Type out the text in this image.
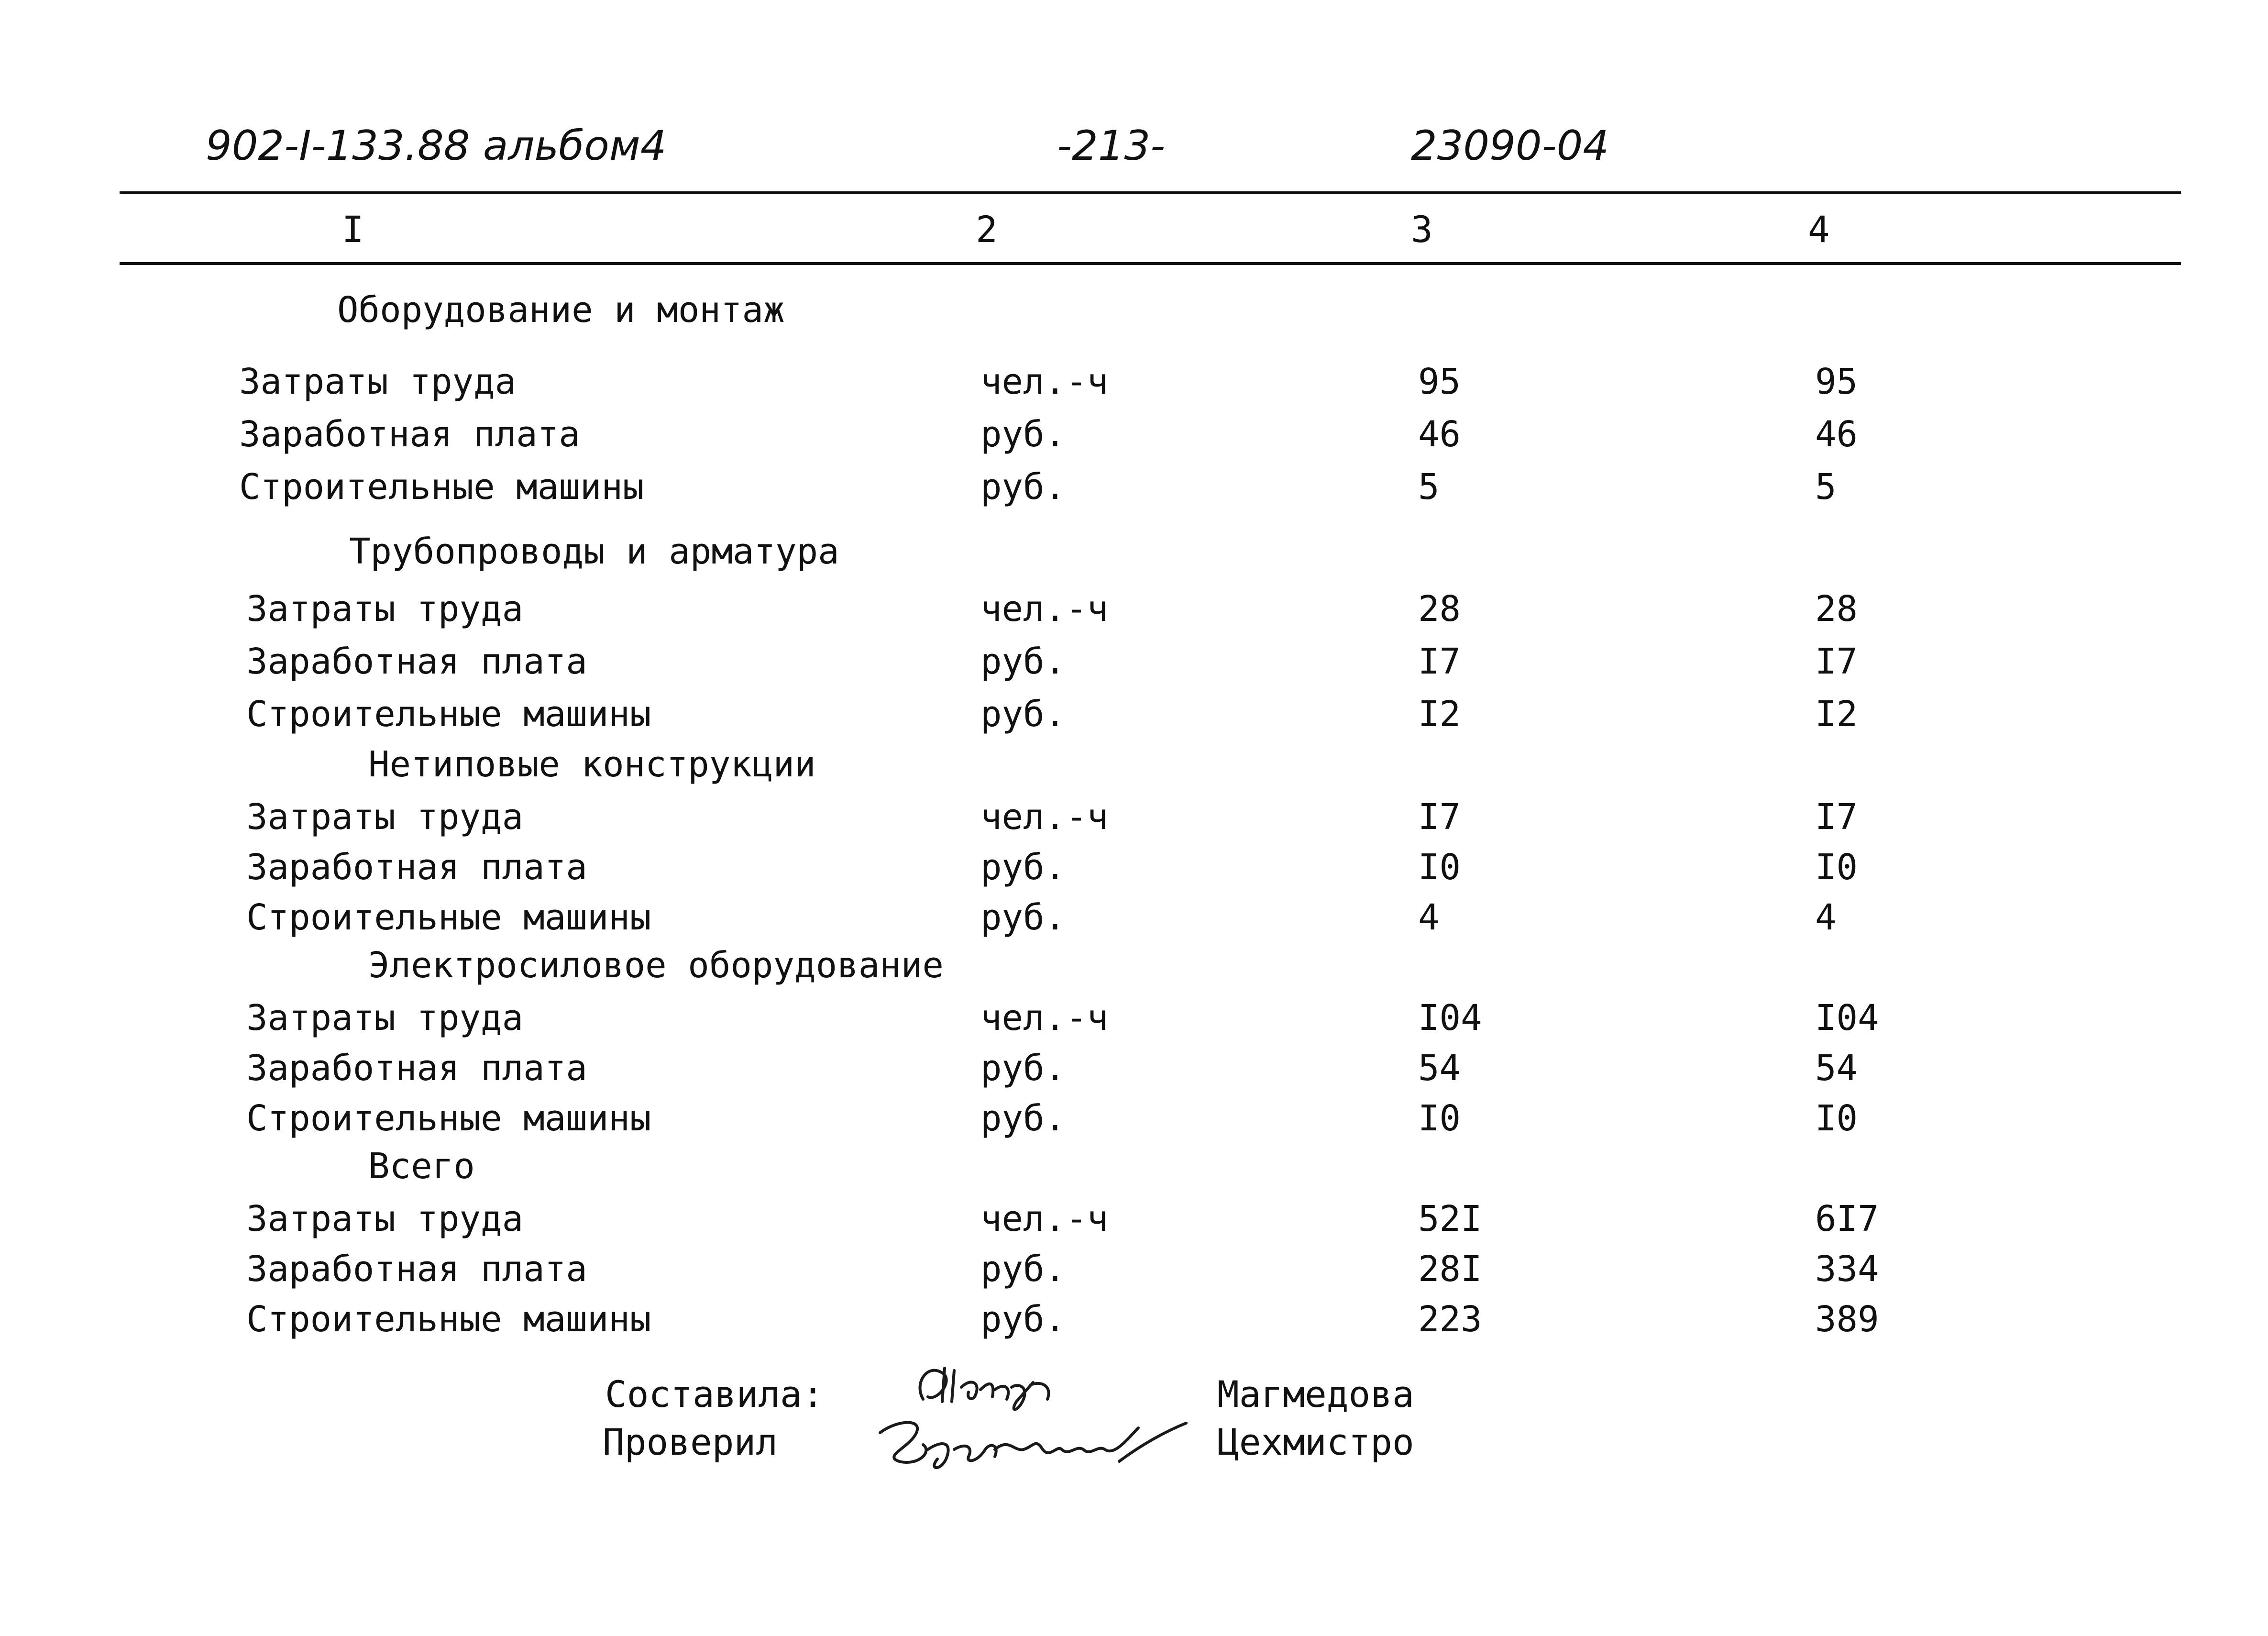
902-I-133.88 альбом4	-213-	23090-04
I	2	3	4
Оборудование и монтаж
Затраты труда	чел.-ч	95	95
Заработная плата	руб.	46	46
Строительные машины	руб.	5	5
Трубопроводы и арматура
Затраты труда	чел.-ч	28	28
Заработная плата	руб.	I7	I7
Строительные машины	руб.	I2	I2
Нетиповые конструкции
Затраты труда	чел.-ч	I7	I7
Заработная плата	руб.	I0	I0
Строительные машины	руб.	4	4
Электросиловое оборудование
Затраты труда	чел.-ч	I04	I04
Заработная плата	руб.	54	54
Строительные машины	руб.	I0	I0
Всего
Затраты труда	чел.-ч	52I	6I7
Заработная плата	руб.	28I	334
Строительные машины	руб.	223	389
Составила:	Магмедова
Проверил	Цехмистро
